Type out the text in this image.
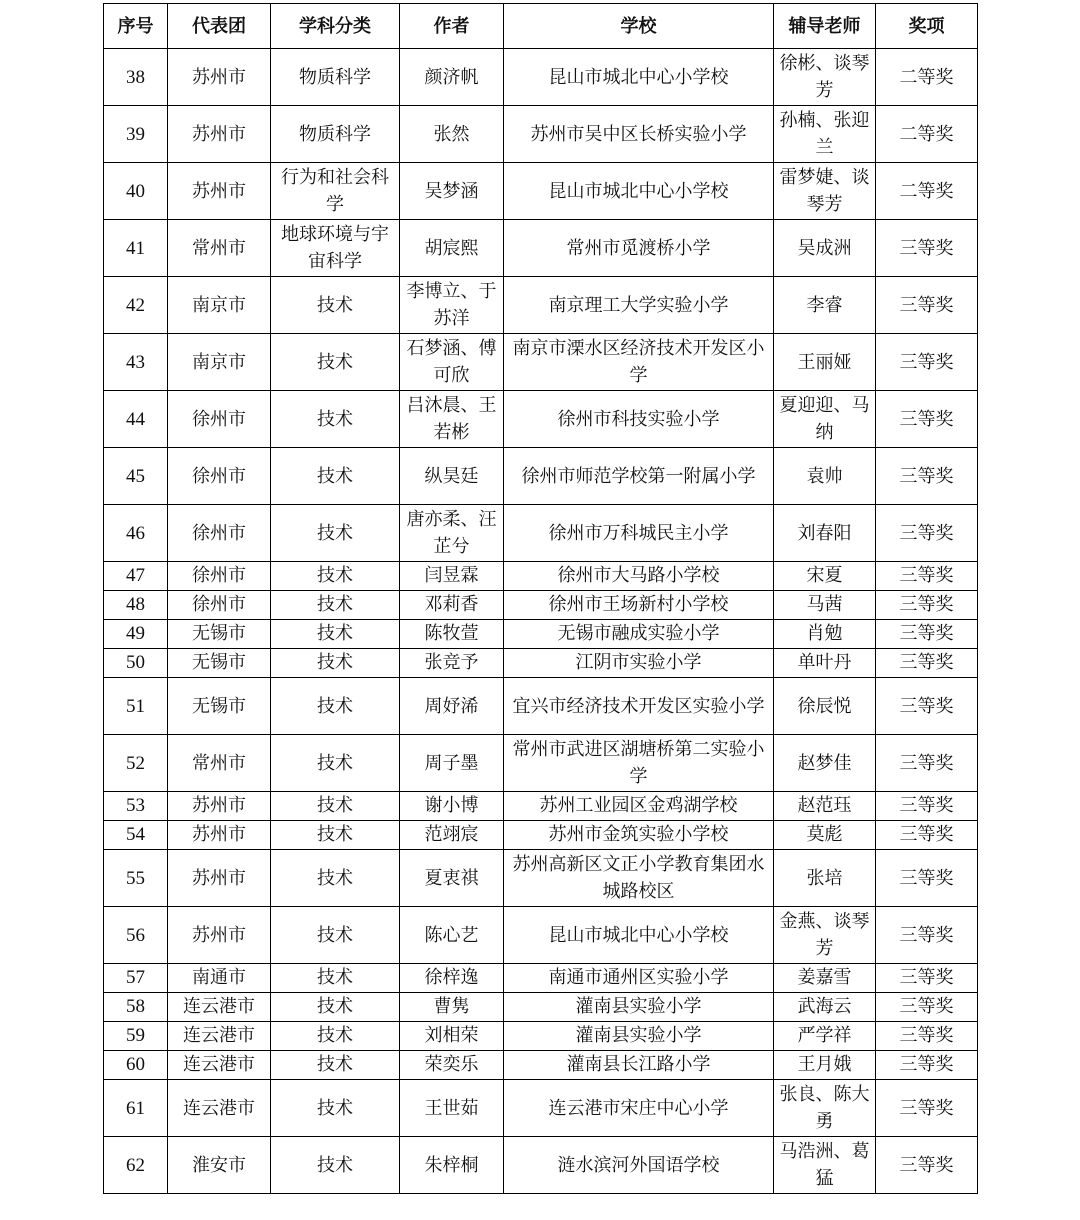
序号	代表团	学科分类	作者	学校	辅导老师	奖项
38	苏州市	物质科学	颜济帆	昆山市城北中心小学校	徐彬、谈琴芳	二等奖
39	苏州市	物质科学	张然	苏州市吴中区长桥实验小学	孙楠、张迎兰	二等奖
40	苏州市	行为和社会科学	吴梦涵	昆山市城北中心小学校	雷梦婕、谈琴芳	二等奖
41	常州市	地球环境与宇宙科学	胡宸熙	常州市觅渡桥小学	吴成洲	三等奖
42	南京市	技术	李博立、于苏洋	南京理工大学实验小学	李睿	三等奖
43	南京市	技术	石梦涵、傅可欣	南京市溧水区经济技术开发区小学	王丽娅	三等奖
44	徐州市	技术	吕沐晨、王若彬	徐州市科技实验小学	夏迎迎、马纳	三等奖
45	徐州市	技术	纵昊廷	徐州市师范学校第一附属小学	袁帅	三等奖
46	徐州市	技术	唐亦柔、汪芷兮	徐州市万科城民主小学	刘春阳	三等奖
47	徐州市	技术	闫昱霖	徐州市大马路小学校	宋夏	三等奖
48	徐州市	技术	邓莉香	徐州市王场新村小学校	马茜	三等奖
49	无锡市	技术	陈牧萱	无锡市融成实验小学	肖勉	三等奖
50	无锡市	技术	张竞予	江阴市实验小学	单叶丹	三等奖
51	无锡市	技术	周妤浠	宜兴市经济技术开发区实验小学	徐辰悦	三等奖
52	常州市	技术	周子墨	常州市武进区湖塘桥第二实验小学	赵梦佳	三等奖
53	苏州市	技术	谢小博	苏州工业园区金鸡湖学校	赵范珏	三等奖
54	苏州市	技术	范翊宸	苏州市金筑实验小学校	莫彪	三等奖
55	苏州市	技术	夏衷祺	苏州高新区文正小学教育集团水城路校区	张培	三等奖
56	苏州市	技术	陈心艺	昆山市城北中心小学校	金燕、谈琴芳	三等奖
57	南通市	技术	徐梓逸	南通市通州区实验小学	姜嘉雪	三等奖
58	连云港市	技术	曹隽	灌南县实验小学	武海云	三等奖
59	连云港市	技术	刘相荣	灌南县实验小学	严学祥	三等奖
60	连云港市	技术	荣奕乐	灌南县长江路小学	王月娥	三等奖
61	连云港市	技术	王世茹	连云港市宋庄中心小学	张良、陈大勇	三等奖
62	淮安市	技术	朱梓桐	涟水滨河外国语学校	马浩洲、葛猛	三等奖
